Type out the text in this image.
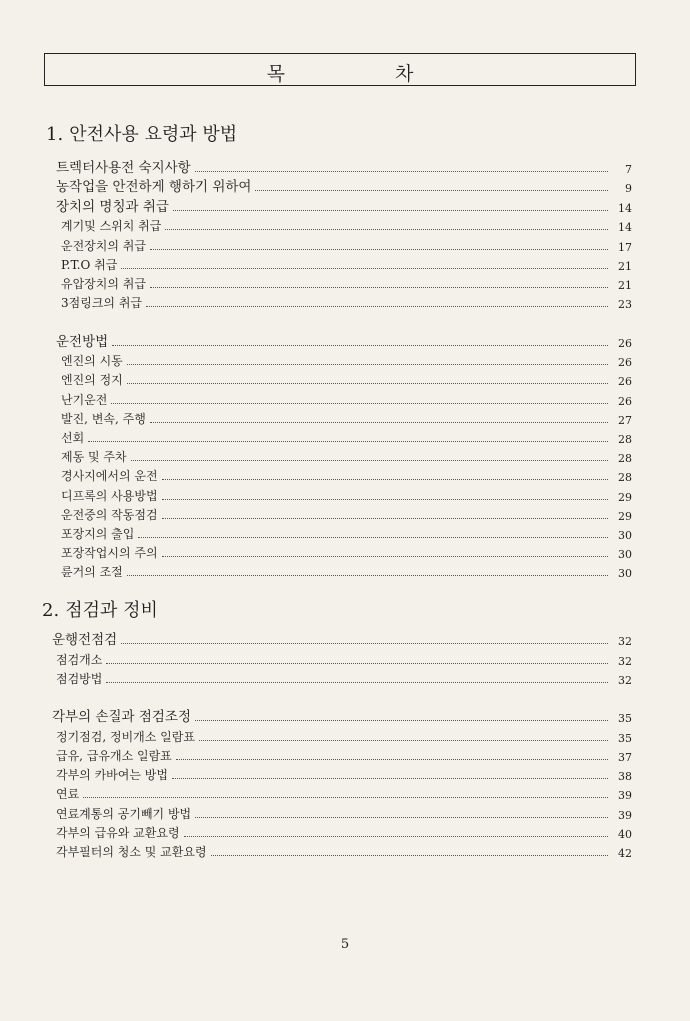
목 차
1. 안전사용 요령과 방법
2. 점검과 정비
트렉터사용전 숙지사항	7
농작업을 안전하게 행하기 위하여	9
장치의 명칭과 취급	14
계기및 스위치 취급	14
운전장치의 취급	17
P.T.O 취급	21
유압장치의 취급	21
3점링크의 취급	23
운전방법	26
엔진의 시동	26
엔진의 정지	26
난기운전	26
발진, 변속, 주행	27
선회	28
제동 및 주차	28
경사지에서의 운전	28
디프록의 사용방법	29
운전중의 작동점검	29
포장지의 출입	30
포장작업시의 주의	30
륜거의 조절	30
운행전점검	32
점검개소	32
점검방법	32
각부의 손질과 점검조정	35
정기점검, 정비개소 일람표	35
급유, 급유개소 일람표	37
각부의 카바여는 방법	38
연료	39
연료계통의 공기빼기 방법	39
각부의 급유와 교환요령	40
각부필터의 청소 및 교환요령	42
5
